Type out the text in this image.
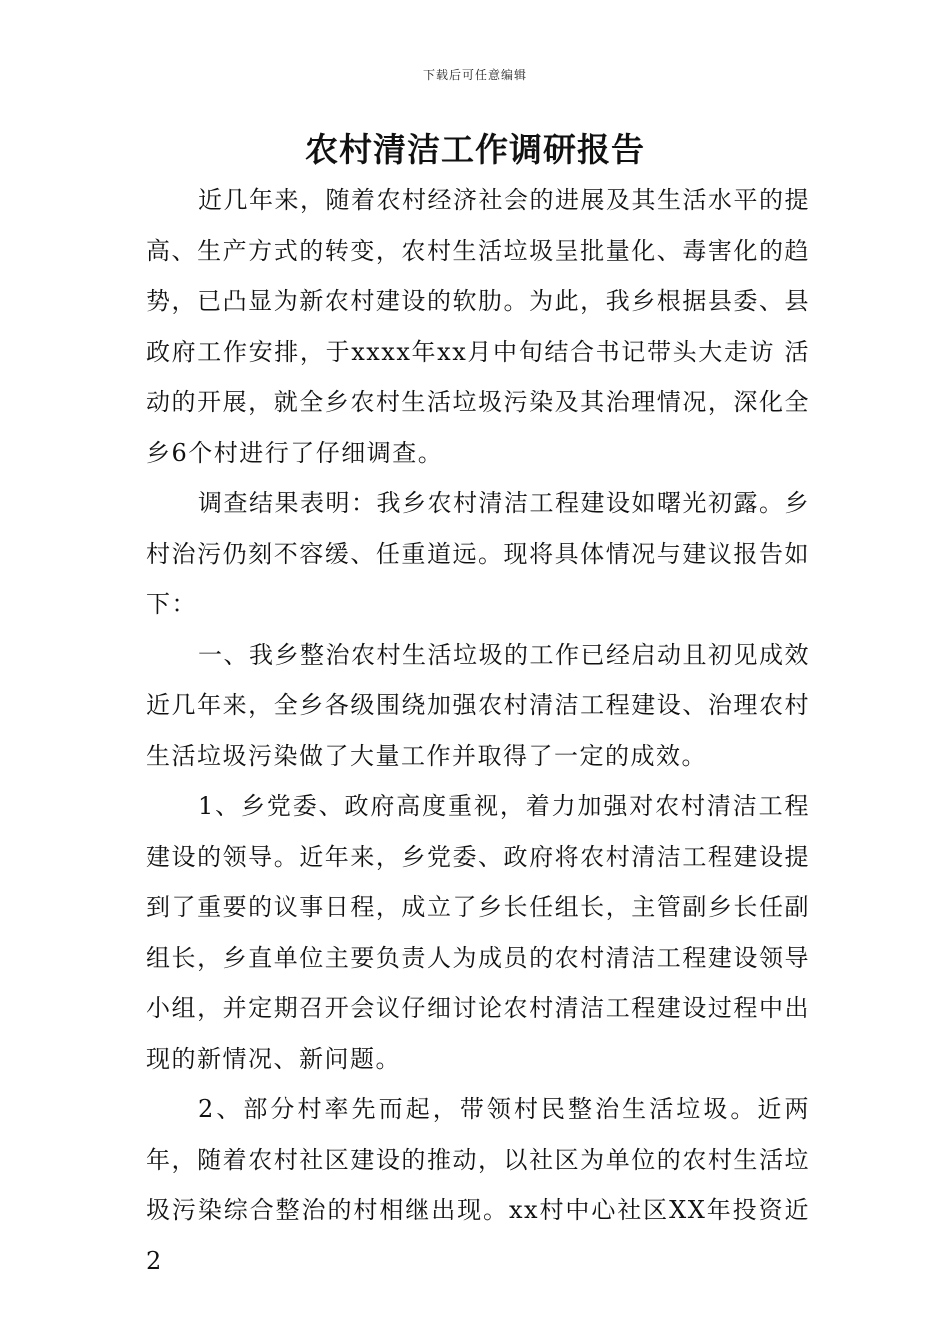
下载后可任意编辑
农村清洁工作调研报告

近几年来，随着农村经济社会的进展及其生活水平的提高、生产方式的转变，农村生活垃圾呈批量化、毒害化的趋势，已凸显为新农村建设的软肋。为此，我乡根据县委、县政府工作安排，于xxxx年xx月中旬结合书记带头大走访 活动的开展，就全乡农村生活垃圾污染及其治理情况，深化全乡6个村进行了仔细调查。

调查结果表明：我乡农村清洁工程建设如曙光初露。乡村治污仍刻不容缓、任重道远。现将具体情况与建议报告如下：

一、我乡整治农村生活垃圾的工作已经启动且初见成效 近几年来，全乡各级围绕加强农村清洁工程建设、治理农村生活垃圾污染做了大量工作并取得了一定的成效。

1、乡党委、政府高度重视，着力加强对农村清洁工程建设的领导。近年来，乡党委、政府将农村清洁工程建设提到了重要的议事日程，成立了乡长任组长，主管副乡长任副组长，乡直单位主要负责人为成员的农村清洁工程建设领导小组，并定期召开会议仔细讨论农村清洁工程建设过程中出现的新情况、新问题。

2、部分村率先而起，带领村民整治生活垃圾。近两年，随着农村社区建设的推动，以社区为单位的农村生活垃圾污染综合整治的村相继出现。xx村中心社区XX年投资近2
